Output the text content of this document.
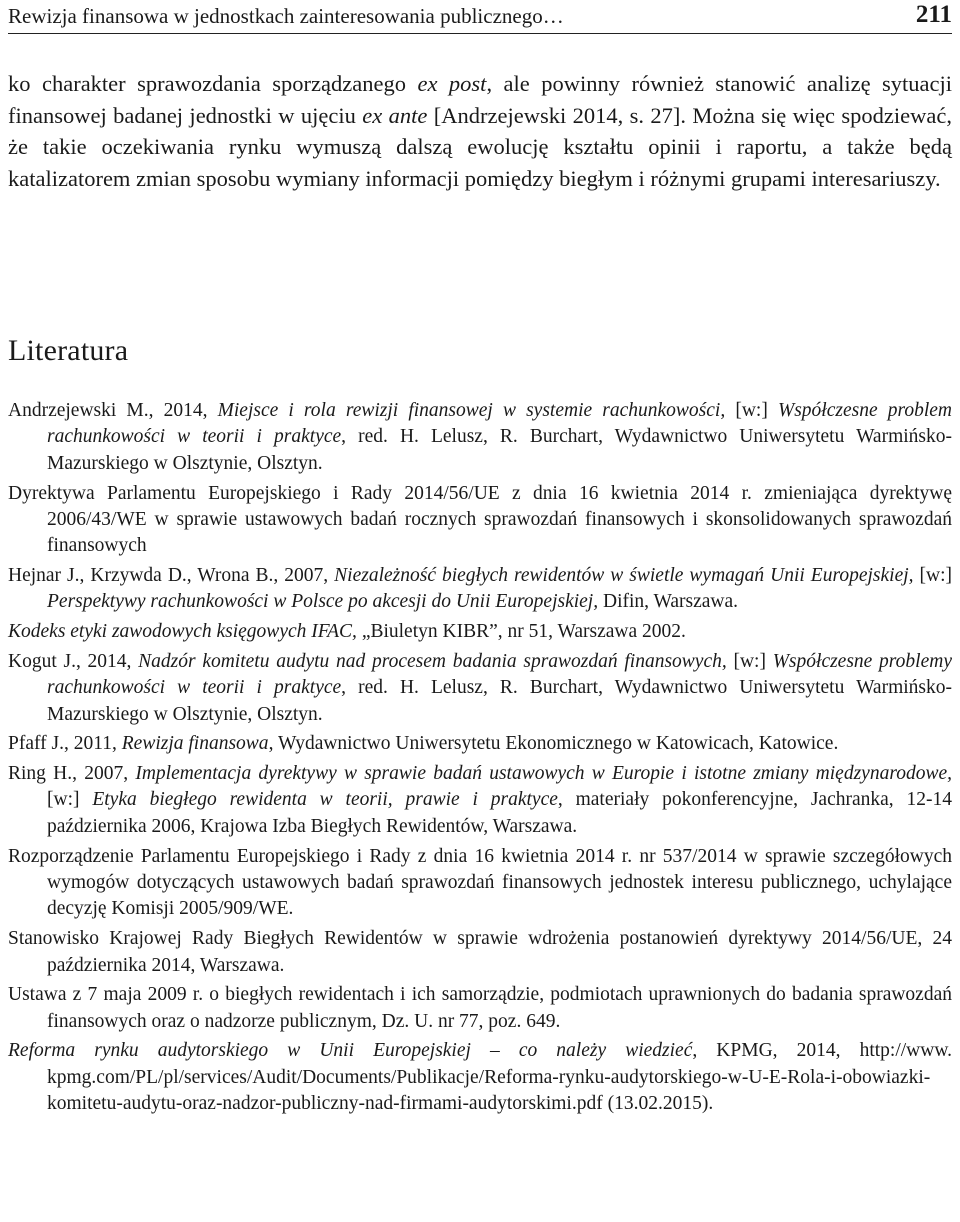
Rewizja finansowa w jednostkach zainteresowania publicznego…	211

ko charakter sprawozdania sporządzanego ex post, ale powinny również stanowić analizę sytuacji finansowej badanej jednostki w ujęciu ex ante [Andrzejewski 2014, s. 27]. Można się więc spodziewać, że takie oczekiwania rynku wymuszą dalszą ewolucję kształtu opinii i raportu, a także będą katalizatorem zmian sposobu wymiany informacji pomiędzy biegłym i różnymi grupami interesariuszy.

Literatura

Andrzejewski M., 2014, Miejsce i rola rewizji finansowej w systemie rachunkowości, [w:] Współczesne problem rachunkowości w teorii i praktyce, red. H. Lelusz, R. Burchart, Wydawnictwo Uniwersytetu Warmińsko-Mazurskiego w Olsztynie, Olsztyn.

Dyrektywa Parlamentu Europejskiego i Rady 2014/56/UE z dnia 16 kwietnia 2014 r. zmieniająca dyrektywę 2006/43/WE w sprawie ustawowych badań rocznych sprawozdań finansowych i skonsolidowanych sprawozdań finansowych

Hejnar J., Krzywda D., Wrona B., 2007, Niezależność biegłych rewidentów w świetle wymagań Unii Europejskiej, [w:] Perspektywy rachunkowości w Polsce po akcesji do Unii Europejskiej, Difin, Warszawa.

Kodeks etyki zawodowych księgowych IFAC, „Biuletyn KIBR”, nr 51, Warszawa 2002.

Kogut J., 2014, Nadzór komitetu audytu nad procesem badania sprawozdań finansowych, [w:] Współczesne problemy rachunkowości w teorii i praktyce, red. H. Lelusz, R. Burchart, Wydawnictwo Uniwersytetu Warmińsko-Mazurskiego w Olsztynie, Olsztyn.

Pfaff J., 2011, Rewizja finansowa, Wydawnictwo Uniwersytetu Ekonomicznego w Katowicach, Katowice.

Ring H., 2007, Implementacja dyrektywy w sprawie badań ustawowych w Europie i istotne zmiany międzynarodowe, [w:] Etyka biegłego rewidenta w teorii, prawie i praktyce, materiały pokonferencyjne, Jachranka, 12-14 października 2006, Krajowa Izba Biegłych Rewidentów, Warszawa.

Rozporządzenie Parlamentu Europejskiego i Rady z dnia 16 kwietnia 2014 r. nr 537/2014 w sprawie szczegółowych wymogów dotyczących ustawowych badań sprawozdań finansowych jednostek interesu publicznego, uchylające decyzję Komisji 2005/909/WE.

Stanowisko Krajowej Rady Biegłych Rewidentów w sprawie wdrożenia postanowień dyrektywy 2014/56/UE, 24 października 2014, Warszawa.

Ustawa z 7 maja 2009 r. o biegłych rewidentach i ich samorządzie, podmiotach uprawnionych do badania sprawozdań finansowych oraz o nadzorze publicznym, Dz. U. nr 77, poz. 649.

Reforma rynku audytorskiego w Unii Europejskiej – co należy wiedzieć, KPMG, 2014, http://www.​kpmg.com/PL/pl/services/Audit/Documents/Publikacje/Reforma-rynku-audytorskiego-w-U-​E-Rola-i-obowiazki-komitetu-audytu-oraz-nadzor-publiczny-nad-firmami-audytorskimi.pdf (13.02.2015).
